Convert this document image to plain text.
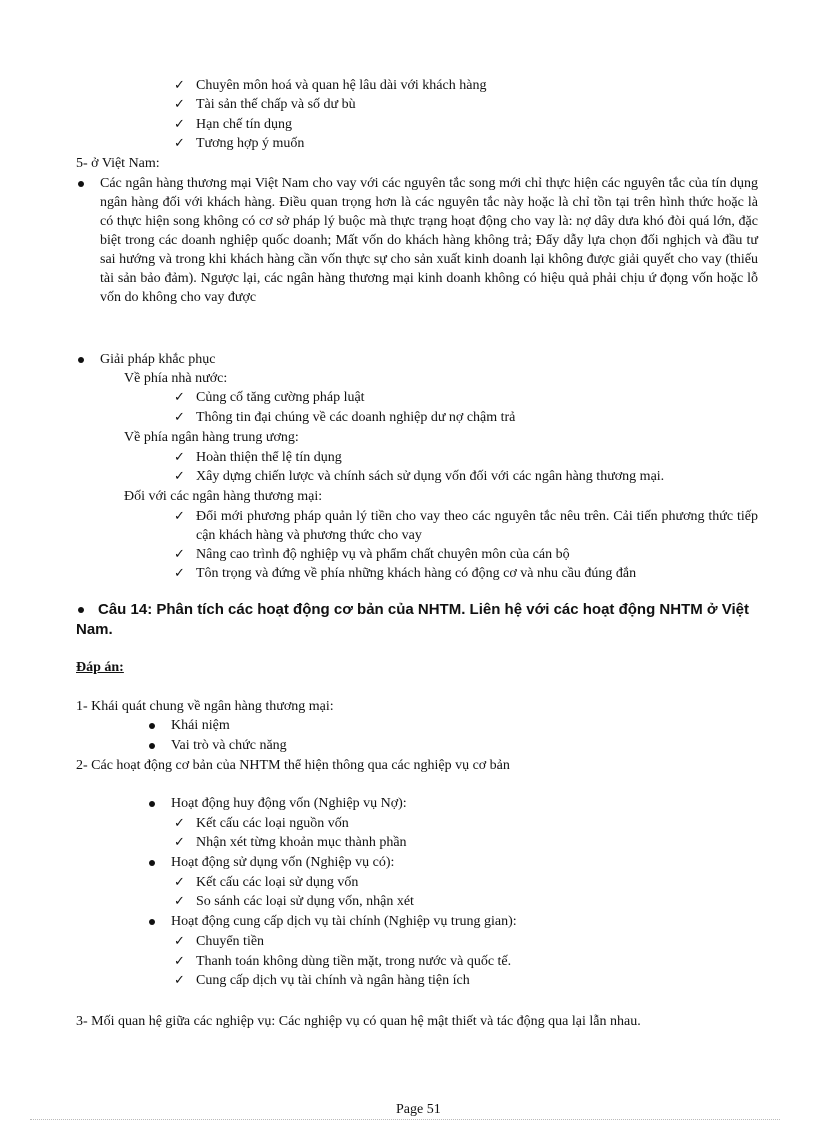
✓ Chuyên môn hoá và quan hệ lâu dài với khách hàng
✓ Tài sản thế chấp và số dư bù
✓ Hạn chế tín dụng
✓ Tương hợp ý muốn
5- ở Việt Nam:
Các ngân hàng thương mại Việt Nam cho vay với các nguyên tắc song mới chỉ thực hiện các nguyên tắc của tín dụng ngân hàng đối với khách hàng. Điều quan trọng hơn là các nguyên tắc này hoặc là chỉ tồn tại trên hình thức hoặc là có thực hiện song không có cơ sở pháp lý buộc mà thực trạng hoạt động cho vay là: nợ dây dưa khó đòi quá lớn, đặc biệt trong các doanh nghiệp quốc doanh; Mất vốn do khách hàng không trả; Đẩy dẫy lựa chọn đối nghịch và đầu tư sai hướng và trong khi khách hàng cần vốn thực sự cho sản xuất kinh doanh lại không được giải quyết cho vay (thiếu tài sản bảo đảm). Ngược lại, các ngân hàng thương mại kinh doanh không có hiệu quả phải chịu ứ đọng vốn hoặc lỗ vốn do không cho vay được
Giải pháp khắc phục
Về phía nhà nước:
✓ Củng cố tăng cường pháp luật
✓ Thông tin đại chúng về các doanh nghiệp dư nợ chậm trả
Về phía ngân hàng trung ương:
✓ Hoàn thiện thể lệ tín dụng
✓ Xây dựng chiến lược và chính sách sử dụng vốn đối với các ngân hàng thương mại.
Đối với các ngân hàng thương mại:
✓ Đổi mới phương pháp quản lý tiền cho vay theo các nguyên tắc nêu trên. Cải tiến phương thức tiếp cận khách hàng và phương thức cho vay
✓ Nâng cao trình độ nghiệp vụ và phẩm chất chuyên môn của cán bộ
✓ Tôn trọng và đứng về phía những khách hàng có động cơ và nhu cầu đúng đắn
Câu 14: Phân tích các hoạt động cơ bản của NHTM. Liên hệ với các hoạt động NHTM ở Việt Nam.
Đáp án:
1- Khái quát chung về ngân hàng thương mại:
Khái niệm
Vai trò và chức năng
2- Các hoạt động cơ bản của NHTM thể hiện thông qua các nghiệp vụ cơ bản
Hoạt động huy động vốn (Nghiệp vụ Nợ):
✓ Kết cấu các loại nguồn vốn
✓ Nhận xét từng khoản mục thành phần
Hoạt động sử dụng vốn (Nghiệp vụ có):
✓ Kết cấu các loại sử dụng vốn
✓ So sánh các loại sử dụng vốn, nhận xét
Hoạt động cung cấp dịch vụ tài chính (Nghiệp vụ trung gian):
✓ Chuyển tiền
✓ Thanh toán không dùng tiền mặt, trong nước và quốc tế.
✓ Cung cấp dịch vụ tài chính và ngân hàng tiện ích
3- Mối quan hệ giữa các nghiệp vụ: Các nghiệp vụ có quan hệ mật thiết và tác động qua lại lẫn nhau.
Page 51
